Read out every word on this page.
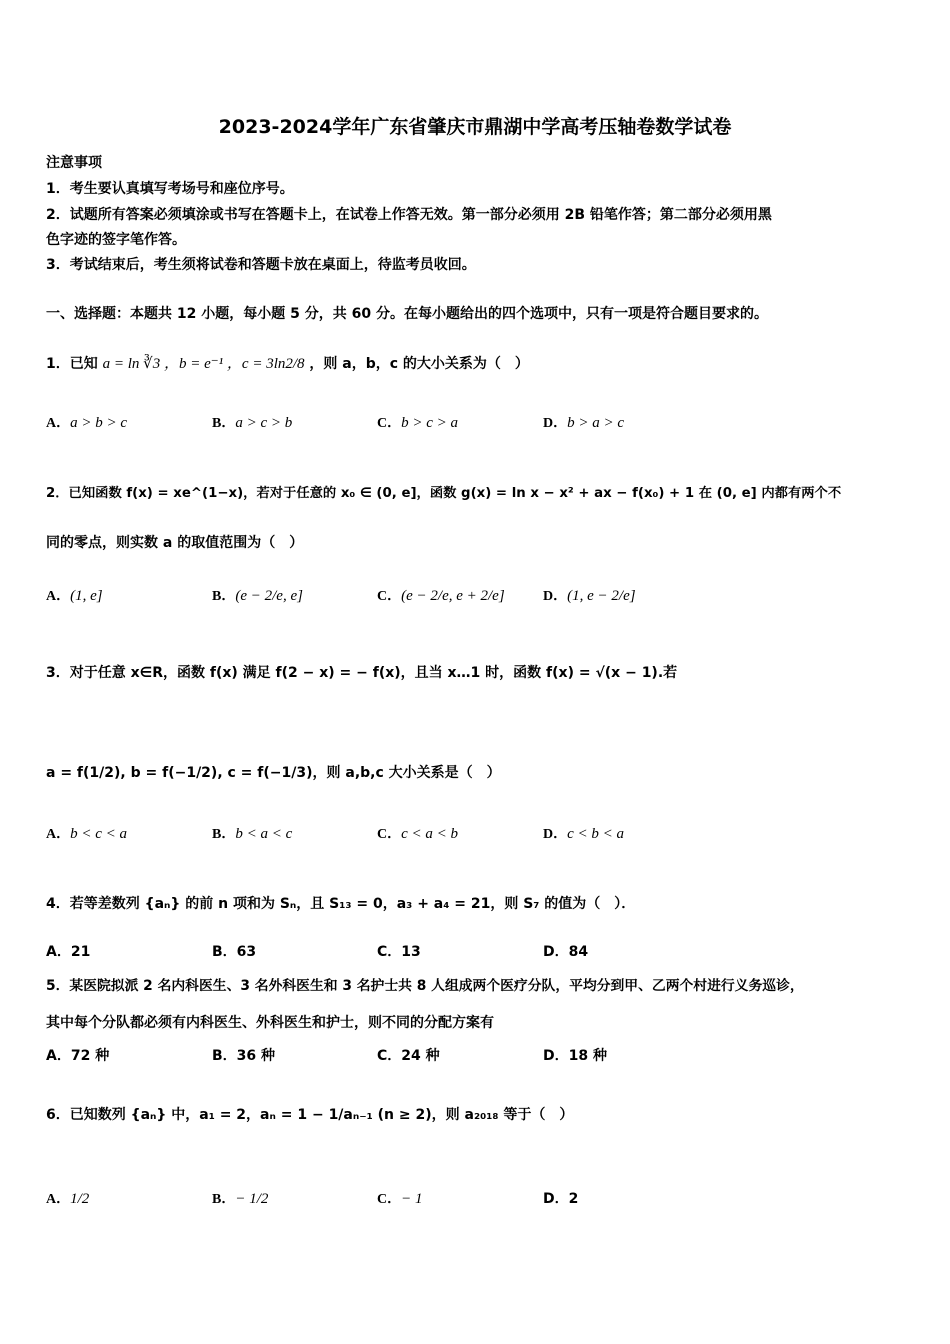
2023-2024学年广东省肇庆市鼎湖中学高考压轴卷数学试卷
注意事项
1．考生要认真填写考场号和座位序号。
2．试题所有答案必须填涂或书写在答题卡上，在试卷上作答无效。第一部分必须用 2B 铅笔作答；第二部分必须用黑
色字迹的签字笔作答。
3．考试结束后，考生须将试卷和答题卡放在桌面上，待监考员收回。
一、选择题：本题共 12 小题，每小题 5 分，共 60 分。在每小题给出的四个选项中，只有一项是符合题目要求的。
1．已知 a = ln ∛3 ，b = e⁻¹ ，c = 3ln2/8 ，则 a，b，c 的大小关系为（　）
A．a > b > c	B．a > c > b	C．b > c > a	D．b > a > c
2．已知函数 f(x) = xe^(1−x)，若对于任意的 x₀ ∈ (0, e]，函数 g(x) = ln x − x² + ax − f(x₀) + 1 在 (0, e] 内都有两个不
同的零点，则实数 a 的取值范围为（　）
A．(1, e]	B．(e − 2/e, e]	C．(e − 2/e, e + 2/e]	D．(1, e − 2/e]
3．对于任意 x∈R，函数 f(x) 满足 f(2 − x) = − f(x)，且当 x…1 时，函数 f(x) = √(x − 1).若
a = f(1/2), b = f(−1/2), c = f(−1/3)，则 a,b,c 大小关系是（　）
A．b < c < a	B．b < a < c	C．c < a < b	D．c < b < a
4．若等差数列 {aₙ} 的前 n 项和为 Sₙ，且 S₁₃ = 0，a₃ + a₄ = 21，则 S₇ 的值为（　）．
A．21	B．63	C．13	D．84
5．某医院拟派 2 名内科医生、3 名外科医生和 3 名护士共 8 人组成两个医疗分队，平均分到甲、乙两个村进行义务巡诊，
其中每个分队都必须有内科医生、外科医生和护士，则不同的分配方案有
A．72 种	B．36 种	C．24 种	D．18 种
6．已知数列 {aₙ} 中，a₁ = 2，aₙ = 1 − 1/aₙ₋₁ (n ≥ 2)，则 a₂₀₁₈ 等于（　）
A．1/2	B．− 1/2	C．− 1	D．2
